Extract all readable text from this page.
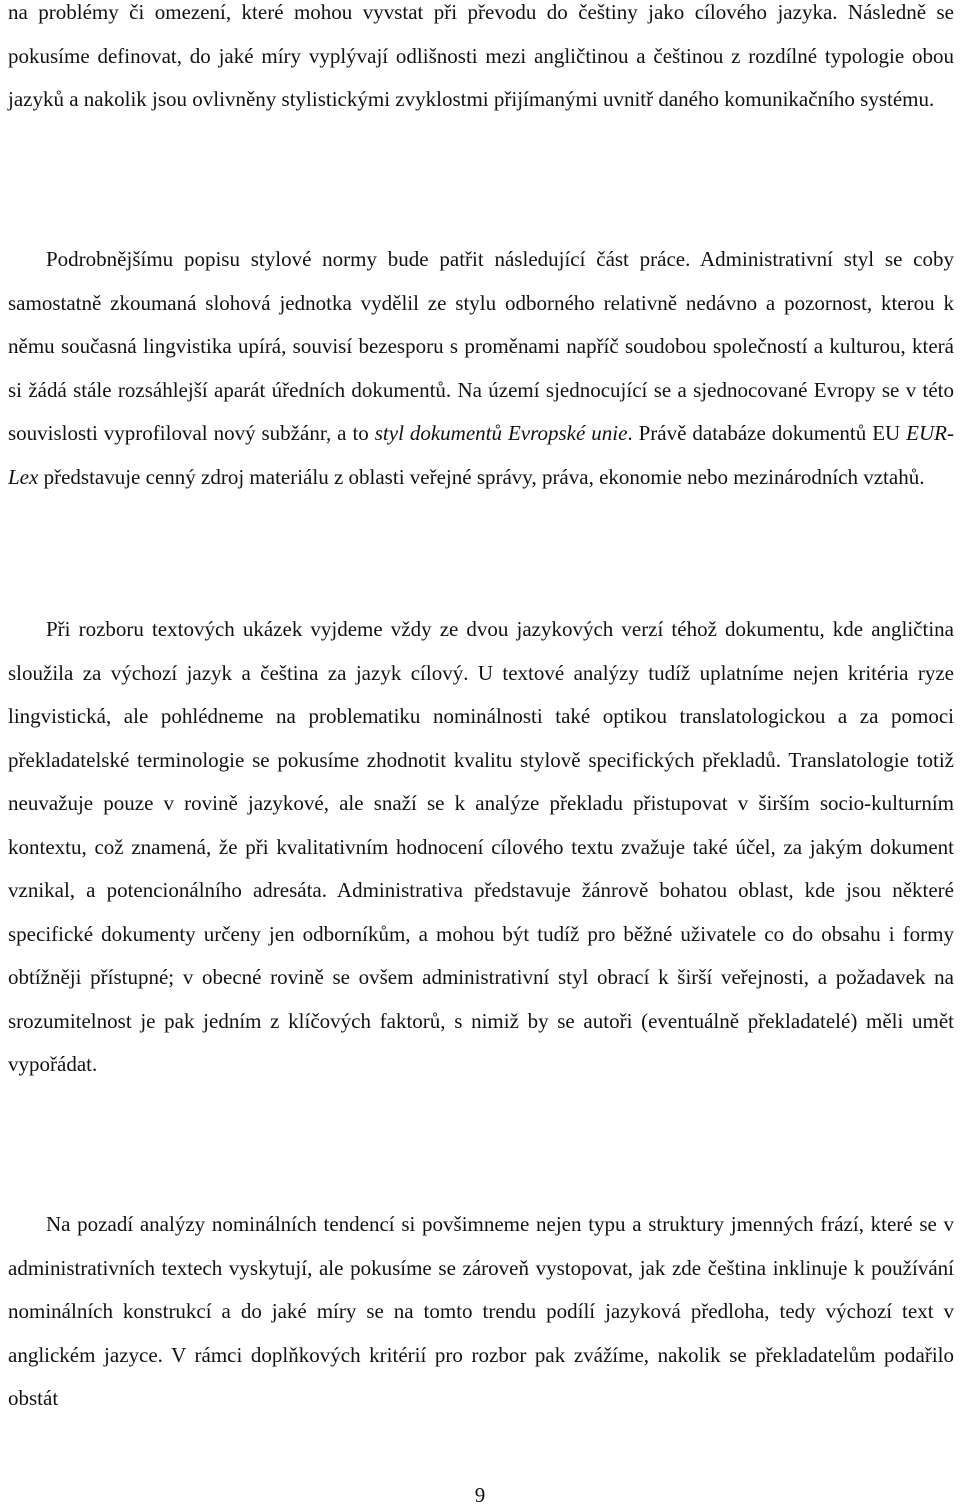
na problémy či omezení, které mohou vyvstat při převodu do češtiny jako cílového jazyka. Následně se pokusíme definovat, do jaké míry vyplývají odlišnosti mezi angličtinou a češtinou z rozdílné typologie obou jazyků a nakolik jsou ovlivněny stylistickými zvyklostmi přijímanými uvnitř daného komunikačního systému.

Podrobnějšímu popisu stylové normy bude patřit následující část práce. Administrativní styl se coby samostatně zkoumaná slohová jednotka vydělil ze stylu odborného relativně nedávno a pozornost, kterou k němu současná lingvistika upírá, souvisí bezesporu s proměnami napříč soudobou společností a kulturou, která si žádá stále rozsáhlejší aparát úředních dokumentů. Na území sjednocující se a sjednocované Evropy se v této souvislosti vyprofiloval nový subžánr, a to styl dokumentů Evropské unie. Právě databáze dokumentů EU EUR-Lex představuje cenný zdroj materiálu z oblasti veřejné správy, práva, ekonomie nebo mezinárodních vztahů.

Při rozboru textových ukázek vyjdeme vždy ze dvou jazykových verzí téhož dokumentu, kde angličtina sloužila za výchozí jazyk a čeština za jazyk cílový. U textové analýzy tudíž uplatníme nejen kritéria ryze lingvistická, ale pohlédneme na problematiku nominálnosti také optikou translatologickou a za pomoci překladatelské terminologie se pokusíme zhodnotit kvalitu stylově specifických překladů. Translatologie totiž neuvažuje pouze v rovině jazykové, ale snaží se k analýze překladu přistupovat v širším socio-kulturním kontextu, což znamená, že při kvalitativním hodnocení cílového textu zvažuje také účel, za jakým dokument vznikal, a potencionálního adresáta. Administrativa představuje žánrově bohatou oblast, kde jsou některé specifické dokumenty určeny jen odborníkům, a mohou být tudíž pro běžné uživatele co do obsahu i formy obtížněji přístupné; v obecné rovině se ovšem administrativní styl obrací k širší veřejnosti, a požadavek na srozumitelnost je pak jedním z klíčových faktorů, s nimiž by se autoři (eventuálně překladatelé) měli umět vypořádat.

Na pozadí analýzy nominálních tendencí si povšimneme nejen typu a struktury jmenných frází, které se v administrativních textech vyskytují, ale pokusíme se zároveň vystopovat, jak zde čeština inklinuje k používání nominálních konstrukcí a do jaké míry se na tomto trendu podílí jazyková předloha, tedy výchozí text v anglickém jazyce. V rámci doplňkových kritérií pro rozbor pak zvážíme, nakolik se překladatelům podařilo obstát

9
